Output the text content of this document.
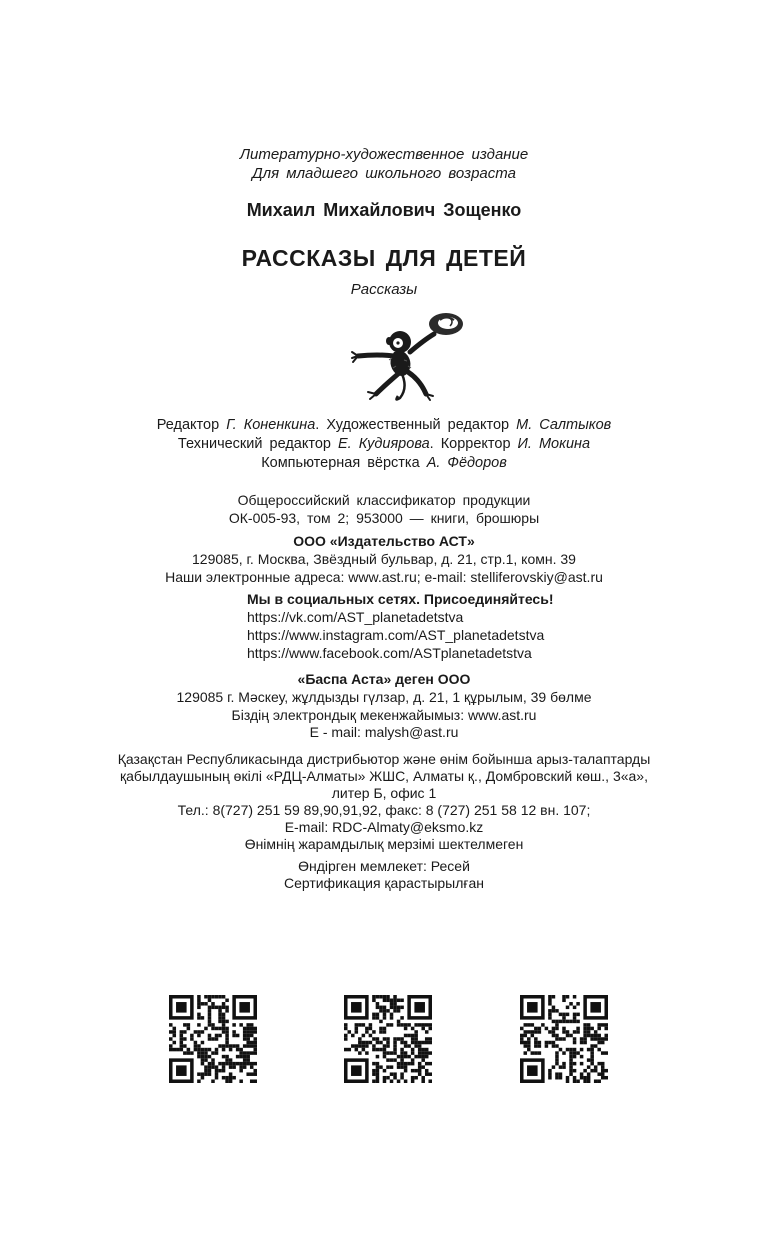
Литературно-художественное издание
Для младшего школьного возраста
Михаил Михайлович Зощенко
РАССКАЗЫ ДЛЯ ДЕТЕЙ
Рассказы
Редактор Г. Коненкина. Художественный редактор М. Салтыков
Технический редактор Е. Кудиярова. Корректор И. Мокина
Компьютерная вёрстка А. Фёдоров
Общероссийский классификатор продукции
ОК-005-93, том 2; 953000 — книги, брошюры
ООО «Издательство АСТ»
129085, г. Москва, Звёздный бульвар, д. 21, стр.1, комн. 39
Наши электронные адреса: www.ast.ru; e-mail: stelliferovskiy@ast.ru
Мы в социальных сетях. Присоединяйтесь!
https://vk.com/AST_planetadetstva
https://www.instagram.com/AST_planetadetstva
https://www.facebook.com/ASTplanetadetstva
«Баспа Аста» деген ООО
129085 г. Мәскеу, жұлдызды гүлзар, д. 21, 1 құрылым, 39 бөлме
Біздің электрондық мекенжайымыз: www.ast.ru
E - mail: malysh@ast.ru
Қазақстан Республикасында дистрибьютор және өнім бойынша арыз-талаптарды
қабылдаушының өкілі «РДЦ-Алматы» ЖШС, Алматы қ., Домбровский көш., 3«а»,
литер Б, офис 1
Тел.: 8(727) 251 59 89,90,91,92, факс: 8 (727) 251 58 12 вн. 107;
E-mail: RDC-Almaty@eksmo.kz
Өнімнің жарамдылық мерзімі шектелмеген
Өндірген мемлекет: Ресей
Сертификация қарастырылған
